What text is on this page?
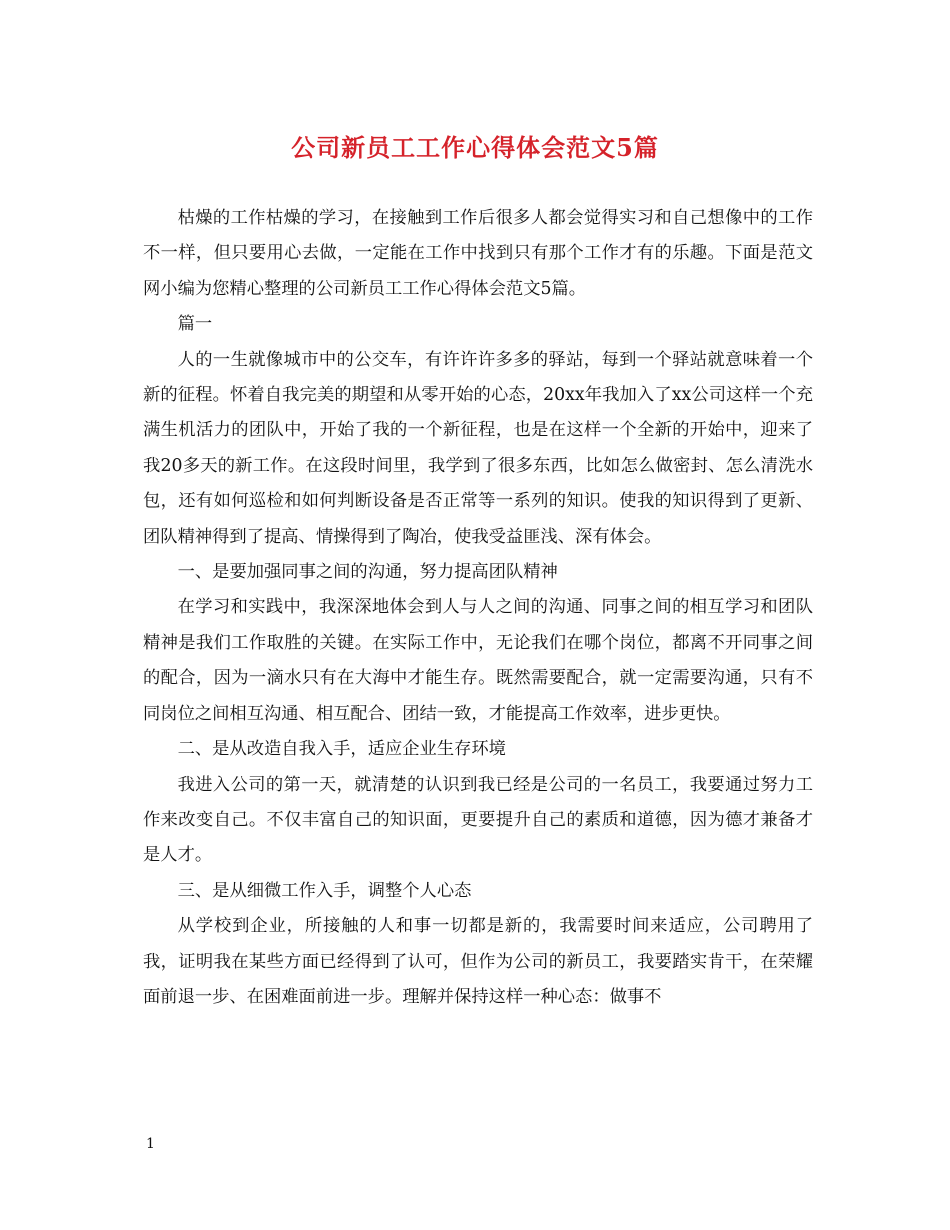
公司新员工工作心得体会范文5篇

枯燥的工作枯燥的学习，在接触到工作后很多人都会觉得实习和自己想像中的工作不一样，但只要用心去做，一定能在工作中找到只有那个工作才有的乐趣。下面是范文网小编为您精心整理的公司新员工工作心得体会范文5篇。

篇一

人的一生就像城市中的公交车，有许许许多多的驿站，每到一个驿站就意味着一个新的征程。怀着自我完美的期望和从零开始的心态，20xx年我加入了xx公司这样一个充满生机活力的团队中，开始了我的一个新征程，也是在这样一个全新的开始中，迎来了我20多天的新工作。在这段时间里，我学到了很多东西，比如怎么做密封、怎么清洗水包，还有如何巡检和如何判断设备是否正常等一系列的知识。使我的知识得到了更新、团队精神得到了提高、情操得到了陶冶，使我受益匪浅、深有体会。

一、是要加强同事之间的沟通，努力提高团队精神

在学习和实践中，我深深地体会到人与人之间的沟通、同事之间的相互学习和团队精神是我们工作取胜的关键。在实际工作中，无论我们在哪个岗位，都离不开同事之间的配合，因为一滴水只有在大海中才能生存。既然需要配合，就一定需要沟通，只有不同岗位之间相互沟通、相互配合、团结一致，才能提高工作效率，进步更快。

二、是从改造自我入手，适应企业生存环境

我进入公司的第一天，就清楚的认识到我已经是公司的一名员工，我要通过努力工作来改变自己。不仅丰富自己的知识面，更要提升自己的素质和道德，因为德才兼备才是人才。

三、是从细微工作入手，调整个人心态

从学校到企业，所接触的人和事一切都是新的，我需要时间来适应，公司聘用了我，证明我在某些方面已经得到了认可，但作为公司的新员工，我要踏实肯干，在荣耀面前退一步、在困难面前进一步。理解并保持这样一种心态：做事不

1
